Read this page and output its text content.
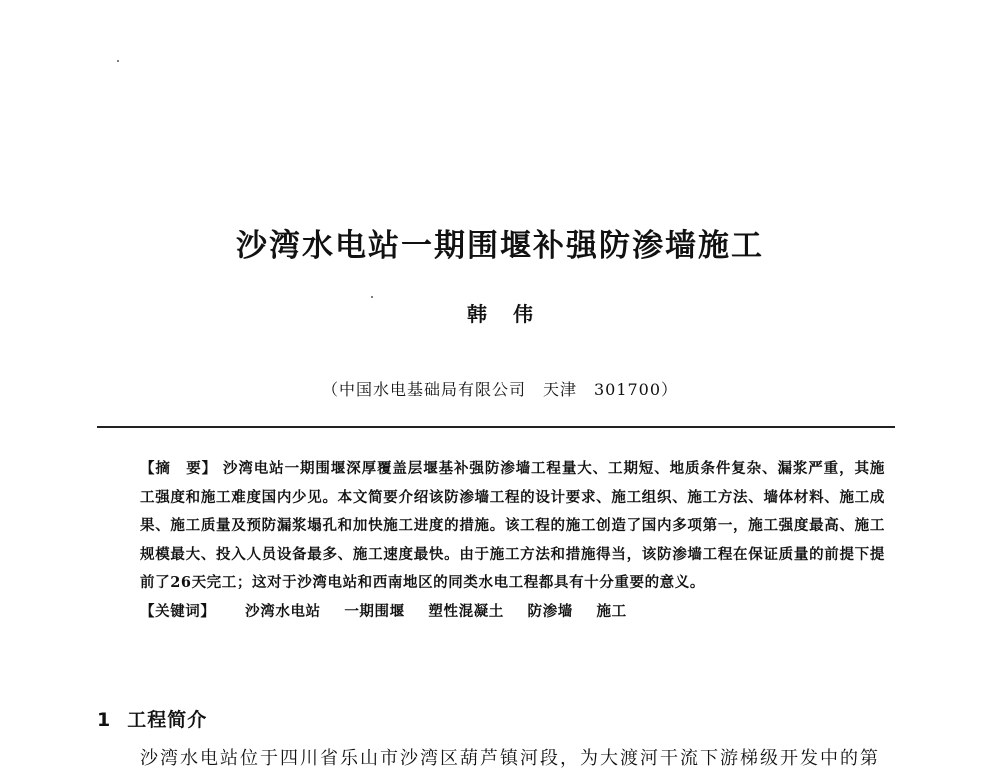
沙湾水电站一期围堰补强防渗墙施工
韩伟
（中国水电基础局有限公司　天津　301700）

【摘　要】 沙湾电站一期围堰深厚覆盖层堰基补强防渗墙工程量大、工期短、地质条件复杂、漏浆严重，其施工强度和施工难度国内少见。本文简要介绍该防渗墙工程的设计要求、施工组织、施工方法、墙体材料、施工成果、施工质量及预防漏浆塌孔和加快施工进度的措施。该工程的施工创造了国内多项第一，施工强度最高、施工规模最大、投入人员设备最多、施工速度最快。由于施工方法和措施得当，该防渗墙工程在保证质量的前提下提前了26天完工；这对于沙湾电站和西南地区的同类水电工程都具有十分重要的意义。

【关键词】 沙湾水电站 一期围堰 塑性混凝土 防渗墙 施工

1 工程简介
沙湾水电站位于四川省乐山市沙湾区葫芦镇河段，为大渡河干流下游梯级开发中的第
